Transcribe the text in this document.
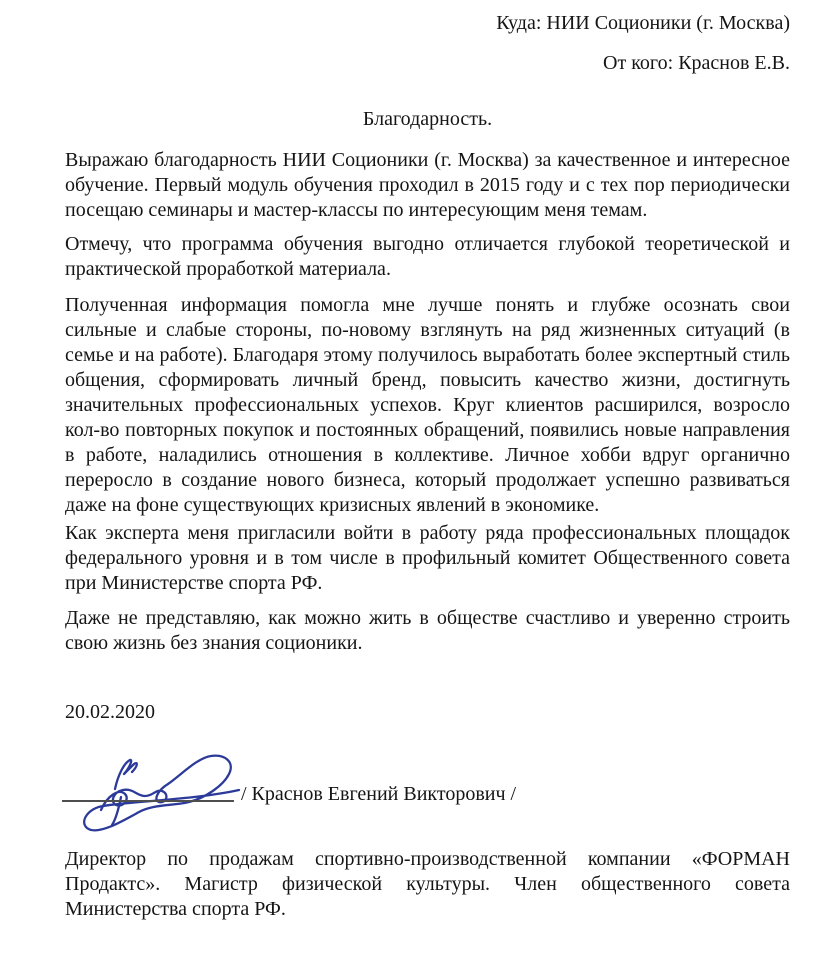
Куда: НИИ Соционики (г. Москва)
От кого: Краснов Е.В.
Благодарность.

Выражаю благодарность НИИ Соционики (г. Москва) за качественное и интересное обучение. Первый модуль обучения проходил в 2015 году и с тех пор периодически посещаю семинары и мастер-классы по интересующим меня темам.

Отмечу, что программа обучения выгодно отличается глубокой теоретической и практической проработкой материала.

Полученная информация помогла мне лучше понять и глубже осознать свои сильные и слабые стороны, по-новому взглянуть на ряд жизненных ситуаций (в семье и на работе). Благодаря этому получилось выработать более экспертный стиль общения, сформировать личный бренд, повысить качество жизни, достигнуть значительных профессиональных успехов. Круг клиентов расширился, возросло кол-во повторных покупок и постоянных обращений, появились новые направления в работе, наладились отношения в коллективе. Личное хобби вдруг органично переросло в создание нового бизнеса, который продолжает успешно развиваться даже на фоне существующих кризисных явлений в экономике.

Как эксперта меня пригласили войти в работу ряда профессиональных площадок федерального уровня и в том числе в профильный комитет Общественного совета при Министерстве спорта РФ.

Даже не представляю, как можно жить в обществе счастливо и уверенно строить свою жизнь без знания соционики.

20.02.2020
/ Краснов Евгений Викторович /

Директор по продажам спортивно-производственной компании «ФОРМАН Продактс». Магистр физической культуры. Член общественного совета Министерства спорта РФ.
